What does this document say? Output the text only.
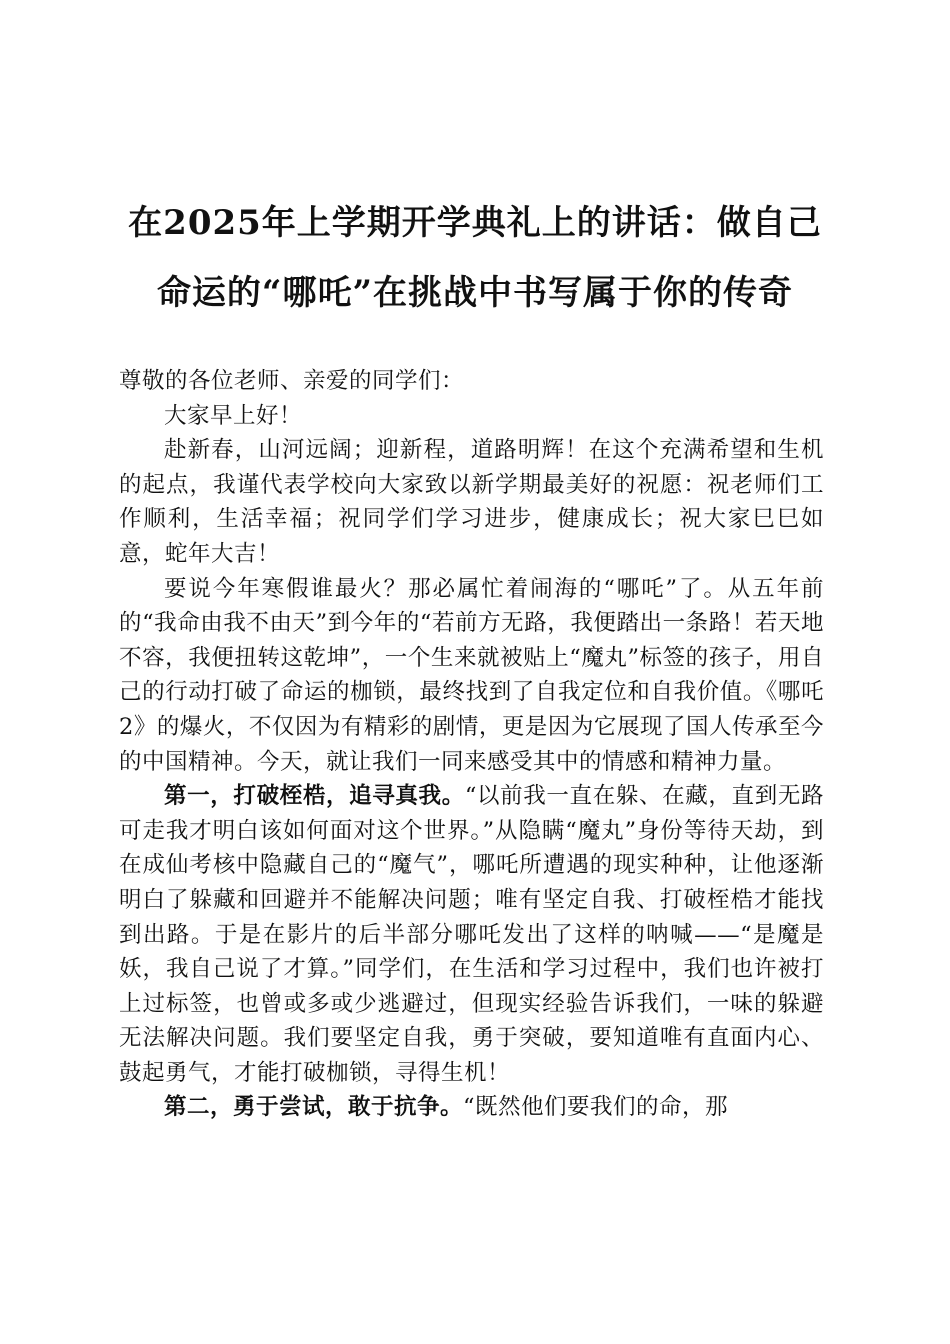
在2025年上学期开学典礼上的讲话：做自己
命运的“哪吒”在挑战中书写属于你的传奇

尊敬的各位老师、亲爱的同学们：

大家早上好！

赴新春，山河远阔；迎新程，道路明辉！在这个充满希望和生机的起点，我谨代表学校向大家致以新学期最美好的祝愿：祝老师们工作顺利，生活幸福；祝同学们学习进步，健康成长；祝大家巳巳如意，蛇年大吉！

要说今年寒假谁最火？那必属忙着闹海的“哪吒”了。从五年前的“我命由我不由天”到今年的“若前方无路，我便踏出一条路！若天地不容，我便扭转这乾坤”，一个生来就被贴上“魔丸”标签的孩子，用自己的行动打破了命运的枷锁，最终找到了自我定位和自我价值。《哪吒2》的爆火，不仅因为有精彩的剧情，更是因为它展现了国人传承至今的中国精神。今天，就让我们一同来感受其中的情感和精神力量。

第一，打破桎梏，追寻真我。“以前我一直在躲、在藏，直到无路可走我才明白该如何面对这个世界。”从隐瞒“魔丸”身份等待天劫，到在成仙考核中隐藏自己的“魔气”，哪吒所遭遇的现实种种，让他逐渐明白了躲藏和回避并不能解决问题；唯有坚定自我、打破桎梏才能找到出路。于是在影片的后半部分哪吒发出了这样的呐喊——“是魔是妖，我自己说了才算。”同学们，在生活和学习过程中，我们也许被打上过标签，也曾或多或少逃避过，但现实经验告诉我们，一味的躲避无法解决问题。我们要坚定自我，勇于突破，要知道唯有直面内心、鼓起勇气，才能打破枷锁，寻得生机！

第二，勇于尝试，敢于抗争。“既然他们要我们的命，那
